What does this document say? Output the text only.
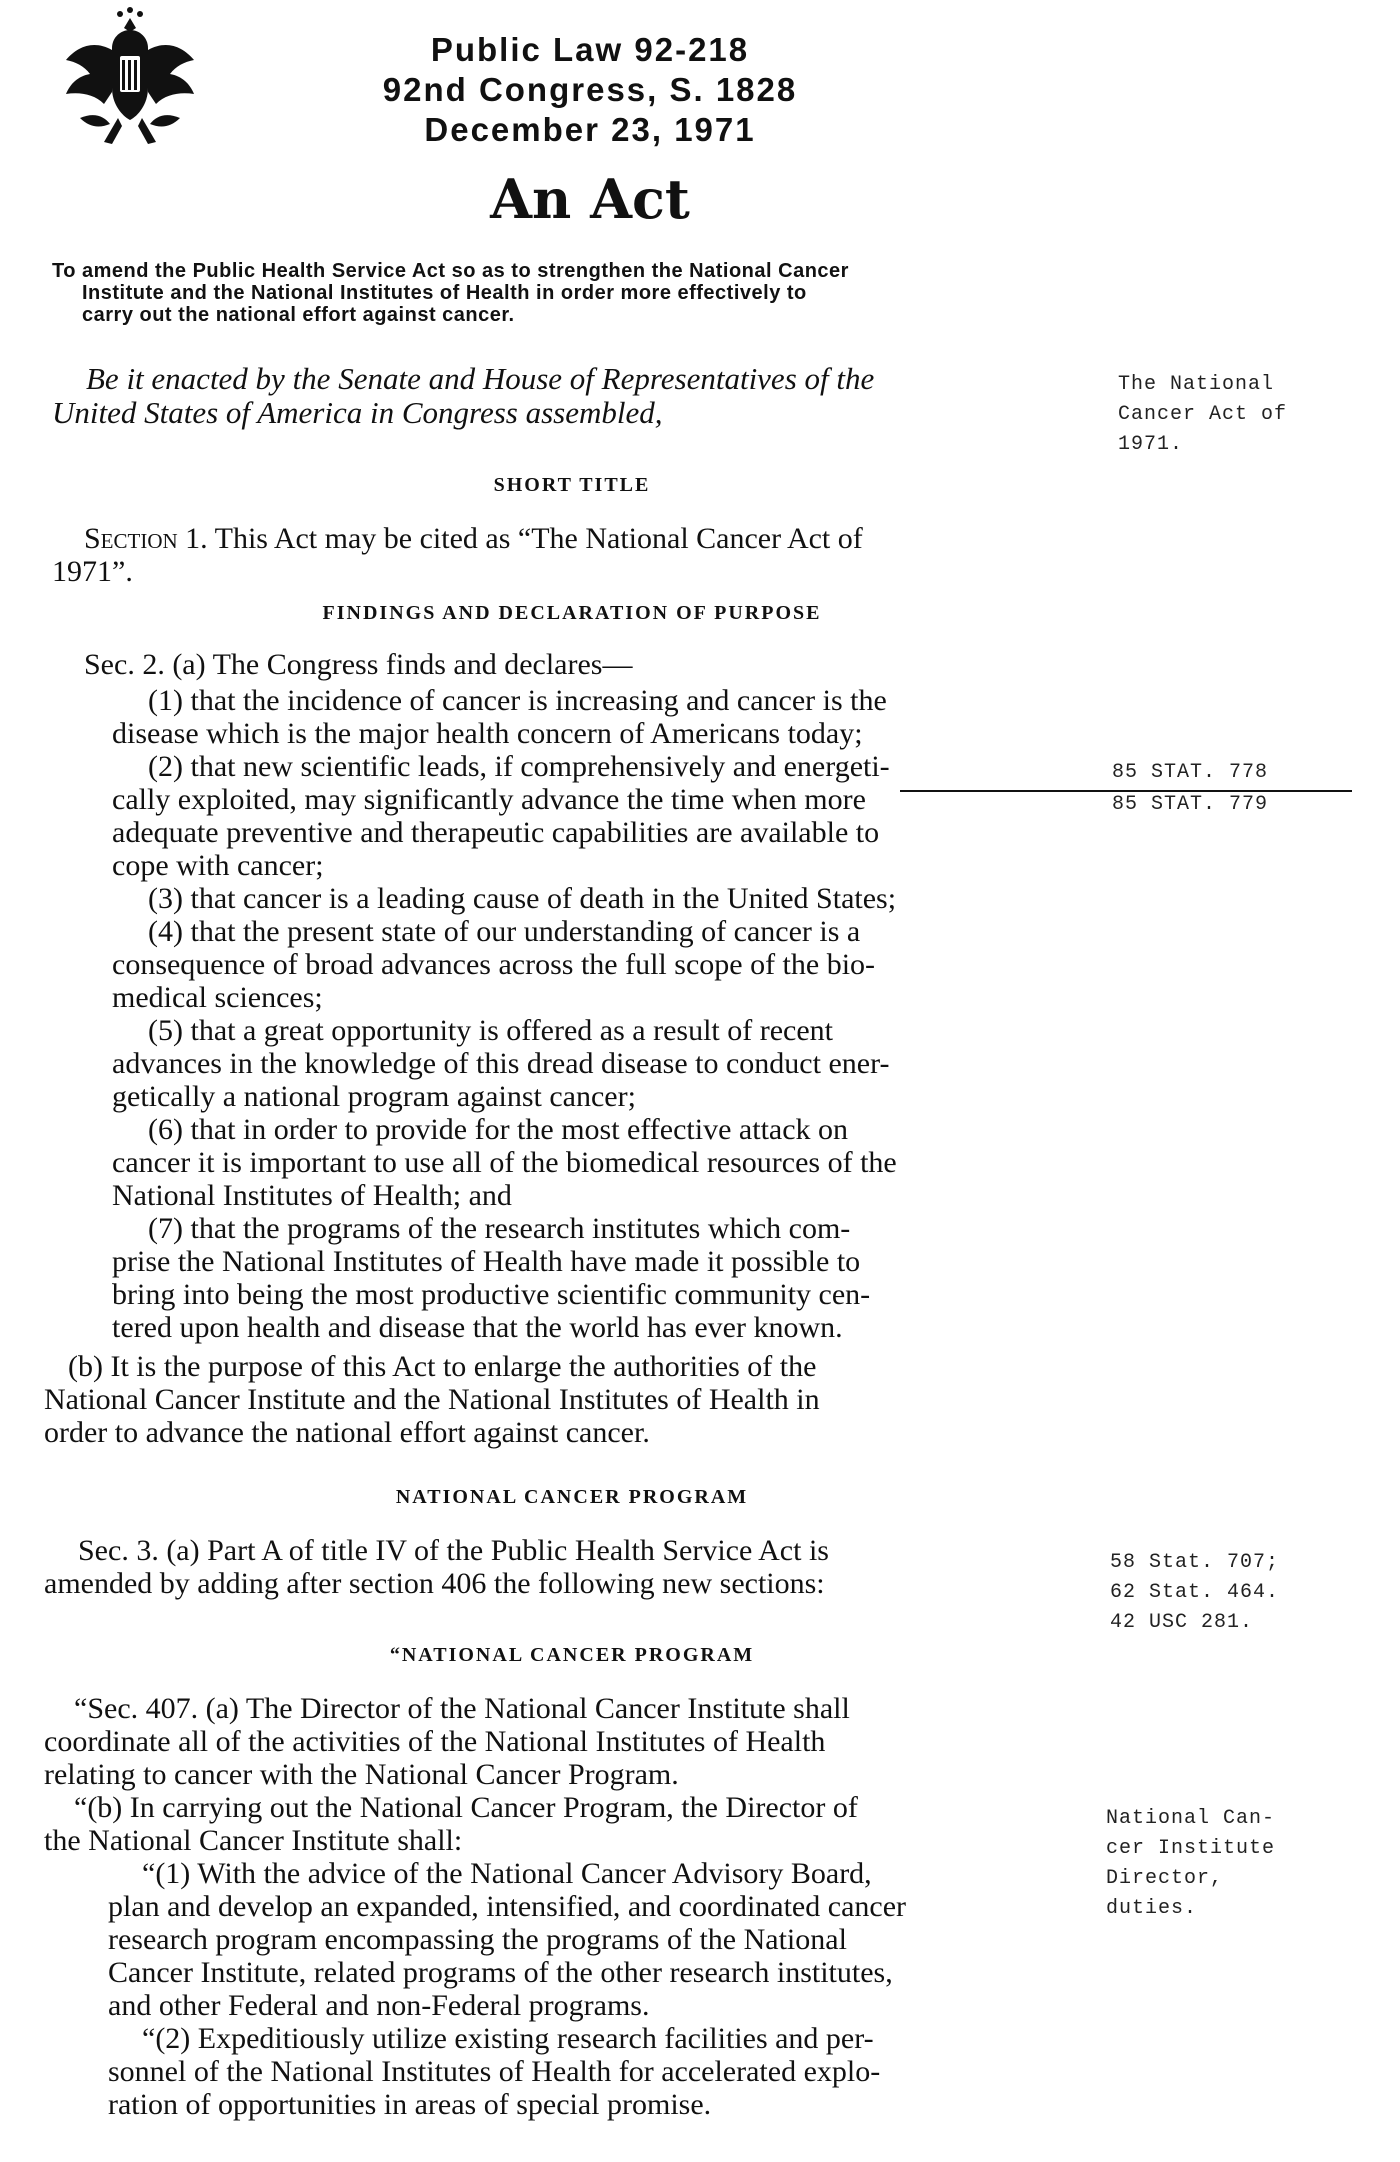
Public Law 92-218
92nd Congress, S. 1828
December 23, 1971
An Act
To amend the Public Health Service Act so as to strengthen the National Cancer
Institute and the National Institutes of Health in order more effectively to
carry out the national effort against cancer.
Be it enacted by the Senate and House of Representatives of the
United States of America in Congress assembled,
The National
Cancer Act of
1971.
SHORT TITLE
Section 1. This Act may be cited as “The National Cancer Act of
1971”.
FINDINGS AND DECLARATION OF PURPOSE
Sec. 2. (a) The Congress finds and declares—
(1) that the incidence of cancer is increasing and cancer is the
disease which is the major health concern of Americans today;
(2) that new scientific leads, if comprehensively and energeti-
cally exploited, may significantly advance the time when more
adequate preventive and therapeutic capabilities are available to
cope with cancer;
(3) that cancer is a leading cause of death in the United States;
(4) that the present state of our understanding of cancer is a
consequence of broad advances across the full scope of the bio-
medical sciences;
(5) that a great opportunity is offered as a result of recent
advances in the knowledge of this dread disease to conduct ener-
getically a national program against cancer;
(6) that in order to provide for the most effective attack on
cancer it is important to use all of the biomedical resources of the
National Institutes of Health; and
(7) that the programs of the research institutes which com-
prise the National Institutes of Health have made it possible to
bring into being the most productive scientific community cen-
tered upon health and disease that the world has ever known.
85 STAT. 778
85 STAT. 779
(b) It is the purpose of this Act to enlarge the authorities of the
National Cancer Institute and the National Institutes of Health in
order to advance the national effort against cancer.
NATIONAL CANCER PROGRAM
Sec. 3. (a) Part A of title IV of the Public Health Service Act is
amended by adding after section 406 the following new sections:
58 Stat. 707;
62 Stat. 464.
42 USC 281.
“NATIONAL CANCER PROGRAM
“Sec. 407. (a) The Director of the National Cancer Institute shall
coordinate all of the activities of the National Institutes of Health
relating to cancer with the National Cancer Program.
“(b) In carrying out the National Cancer Program, the Director of
the National Cancer Institute shall:
“(1) With the advice of the National Cancer Advisory Board,
plan and develop an expanded, intensified, and coordinated cancer
research program encompassing the programs of the National
Cancer Institute, related programs of the other research institutes,
and other Federal and non-Federal programs.
“(2) Expeditiously utilize existing research facilities and per-
sonnel of the National Institutes of Health for accelerated explo-
ration of opportunities in areas of special promise.
National Can-
cer Institute
Director,
duties.
